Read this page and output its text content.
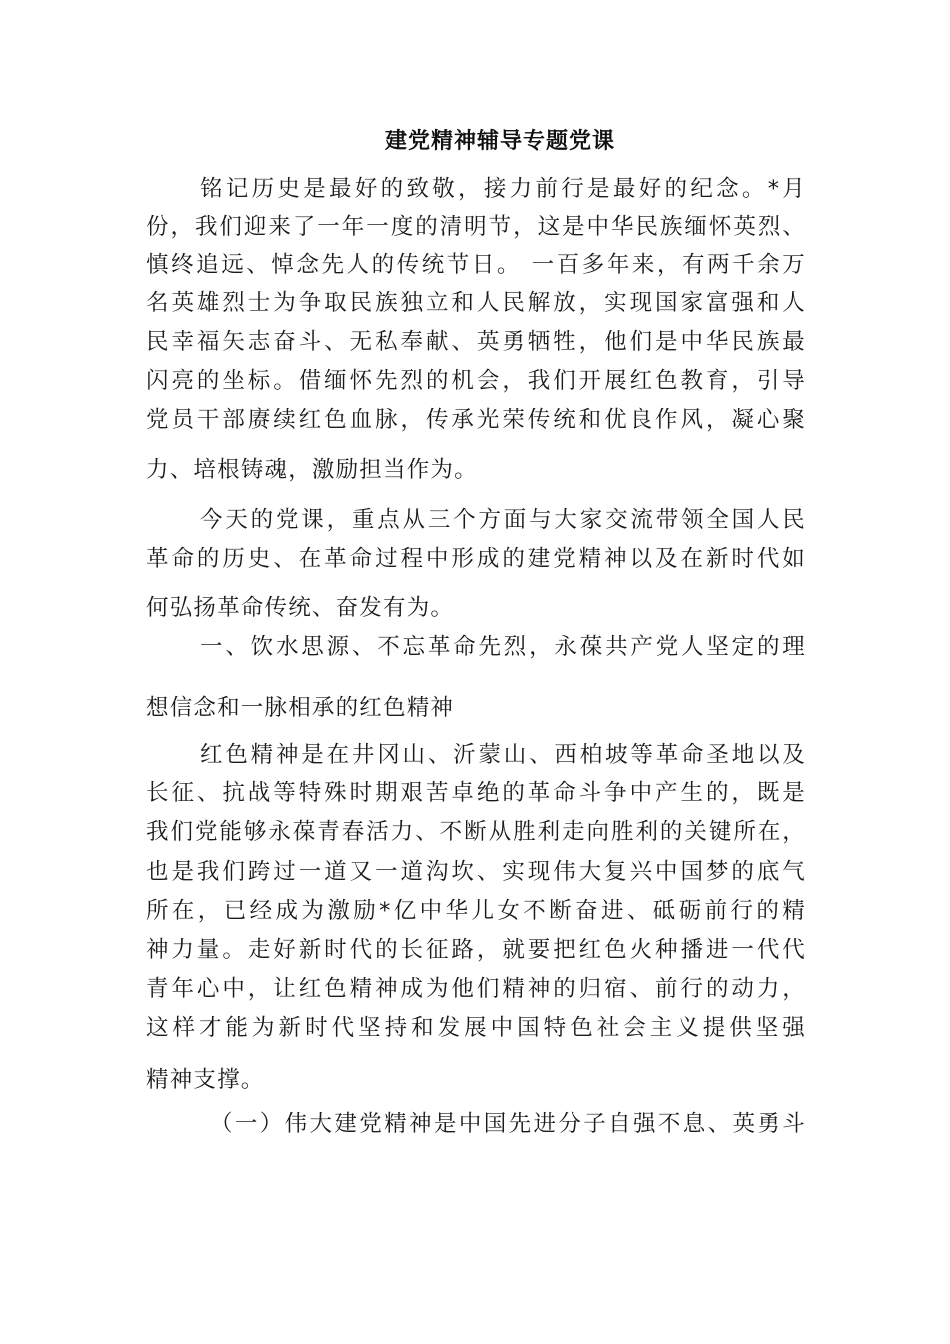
建党精神辅导专题党课
铭记历史是最好的致敬，接力前行是最好的纪念。*月
份，我们迎来了一年一度的清明节，这是中华民族缅怀英烈、
慎终追远、悼念先人的传统节日。 一百多年来，有两千余万
名英雄烈士为争取民族独立和人民解放，实现国家富强和人
民幸福矢志奋斗、无私奉献、英勇牺牲，他们是中华民族最
闪亮的坐标。借缅怀先烈的机会，我们开展红色教育，引导
党员干部赓续红色血脉，传承光荣传统和优良作风，凝心聚
力、培根铸魂，激励担当作为。
今天的党课，重点从三个方面与大家交流带领全国人民
革命的历史、在革命过程中形成的建党精神以及在新时代如
何弘扬革命传统、奋发有为。
一、饮水思源、不忘革命先烈，永葆共产党人坚定的理
想信念和一脉相承的红色精神
红色精神是在井冈山、沂蒙山、西柏坡等革命圣地以及
长征、抗战等特殊时期艰苦卓绝的革命斗争中产生的，既是
我们党能够永葆青春活力、不断从胜利走向胜利的关键所在，
也是我们跨过一道又一道沟坎、实现伟大复兴中国梦的底气
所在，已经成为激励*亿中华儿女不断奋进、砥砺前行的精
神力量。走好新时代的长征路，就要把红色火种播进一代代
青年心中，让红色精神成为他们精神的归宿、前行的动力，
这样才能为新时代坚持和发展中国特色社会主义提供坚强
精神支撑。
（一）伟大建党精神是中国先进分子自强不息、英勇斗
